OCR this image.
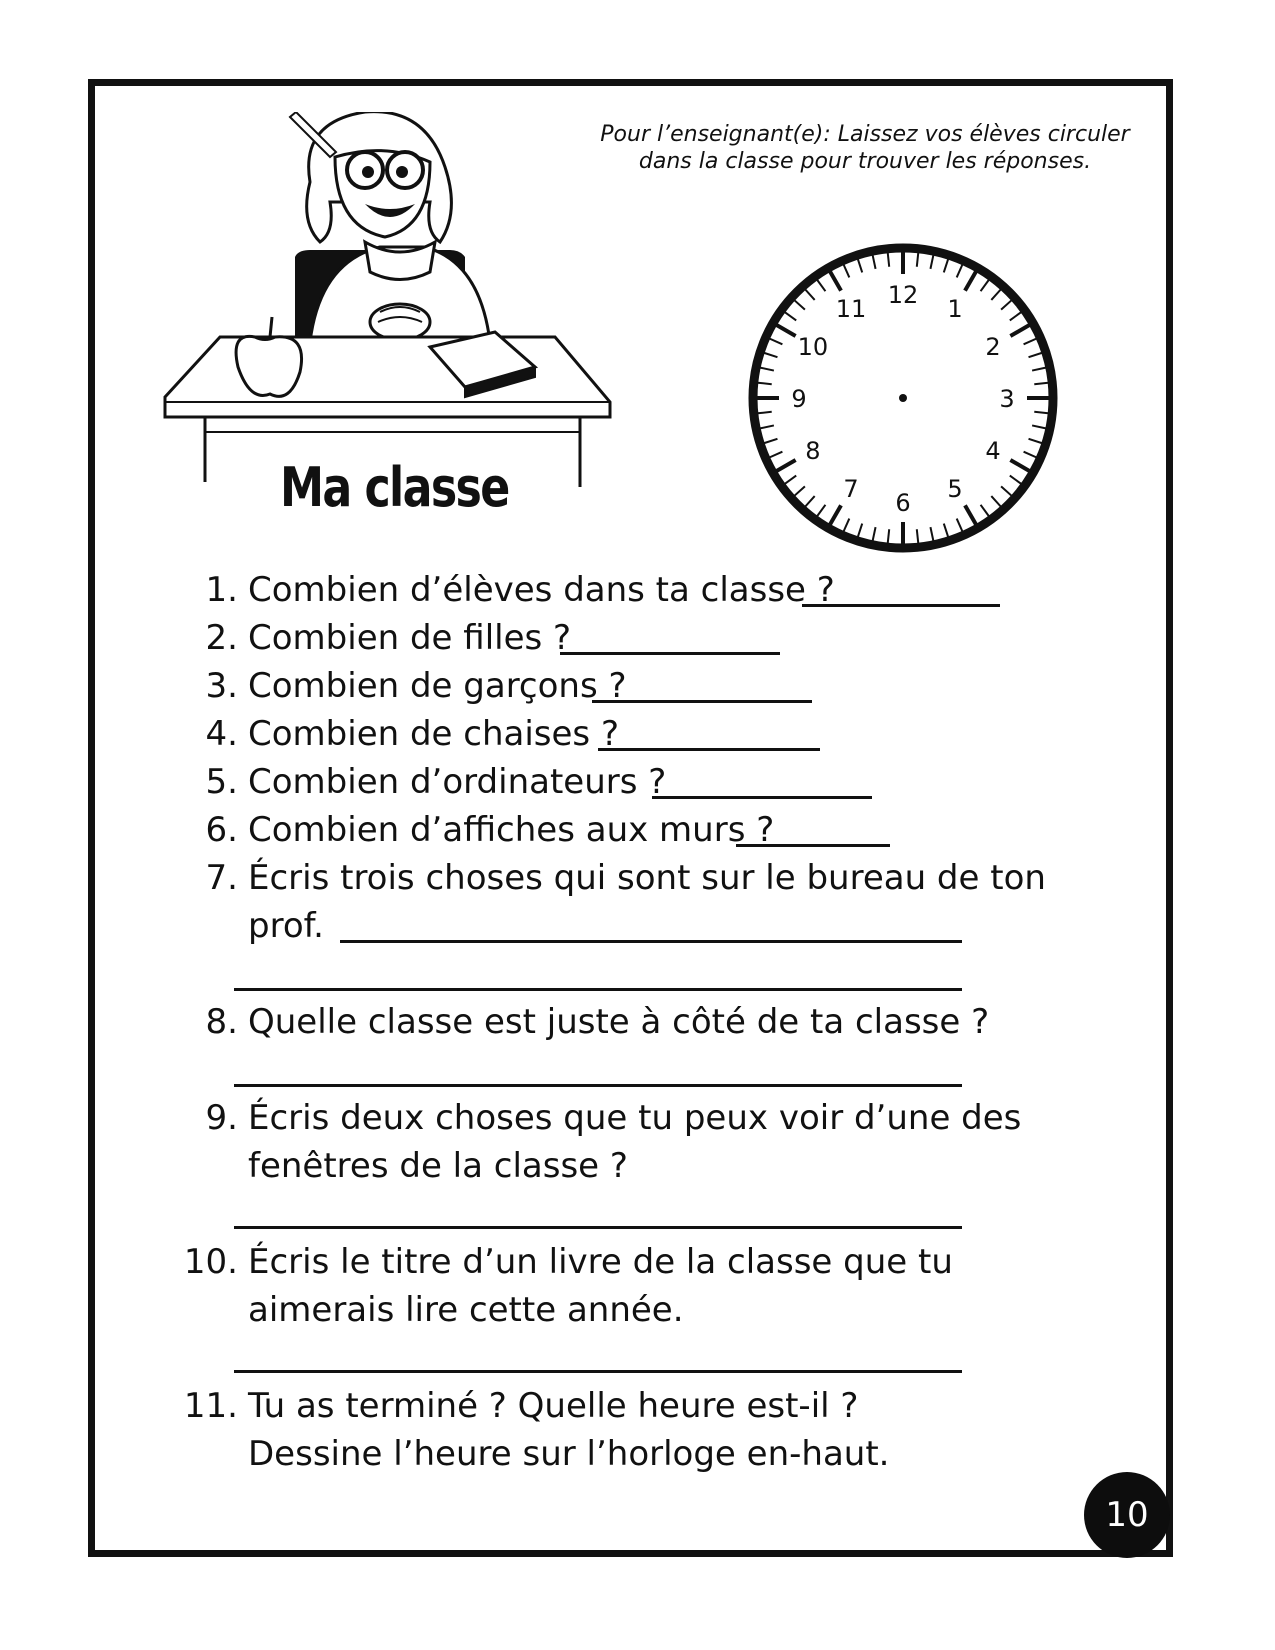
Pour l’enseignant(e): Laissez vos élèves circuler
dans la classe pour trouver les réponses.
Ma classe
12 1
2
3
4
5
6
7
8
9
10
11
1. Combien d’élèves dans ta classe ?
2. Combien de filles ?
3. Combien de garçons ?
4. Combien de chaises ?
5. Combien d’ordinateurs ?
6. Combien d’affiches aux murs ?
7. Écris trois choses qui sont sur le bureau de ton
prof.
8. Quelle classe est juste à côté de ta classe ?
9. Écris deux choses que tu peux voir d’une des
fenêtres de la classe ?
10. Écris le titre d’un livre de la classe que tu
aimerais lire cette année.
11. Tu as terminé ? Quelle heure est-il ?
Dessine l’heure sur l’horloge en-haut.
10
